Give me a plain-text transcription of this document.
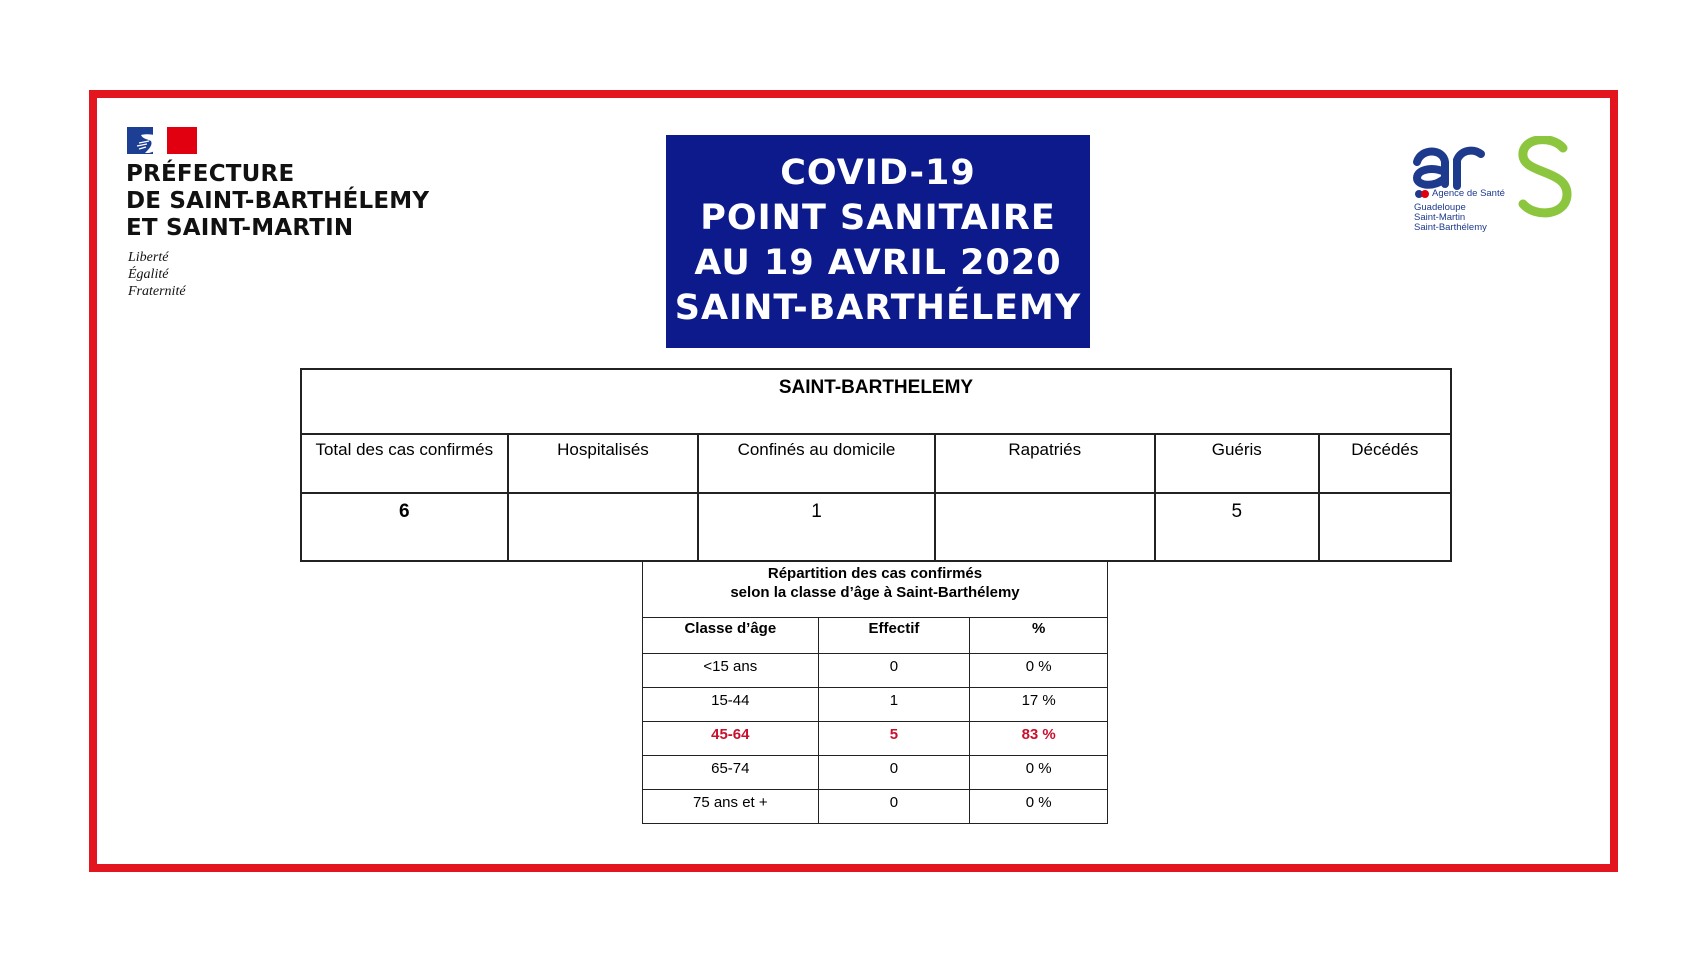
PRÉFECTURE
DE SAINT-BARTHÉLEMY
ET SAINT-MARTIN
Liberté
Égalité
Fraternité
COVID-19
POINT SANITAIRE
AU 19 AVRIL 2020
SAINT-BARTHÉLEMY
Agence de Santé
Guadeloupe
Saint-Martin
Saint-Barthélemy
SAINT-BARTHELEMY					
Total des cas confirmés	Hospitalisés	Confinés au domicile	Rapatriés	Guéris	Décédés
6		1		5	
Répartition des cas confirmés
selon la classe d’âge à Saint-Barthélemy		

Classe d’âge	Effectif	%
<15 ans	0	0 %
15-44	1	17 %
45-64	5	83 %
65-74	0	0 %
75 ans et +	0	0 %
